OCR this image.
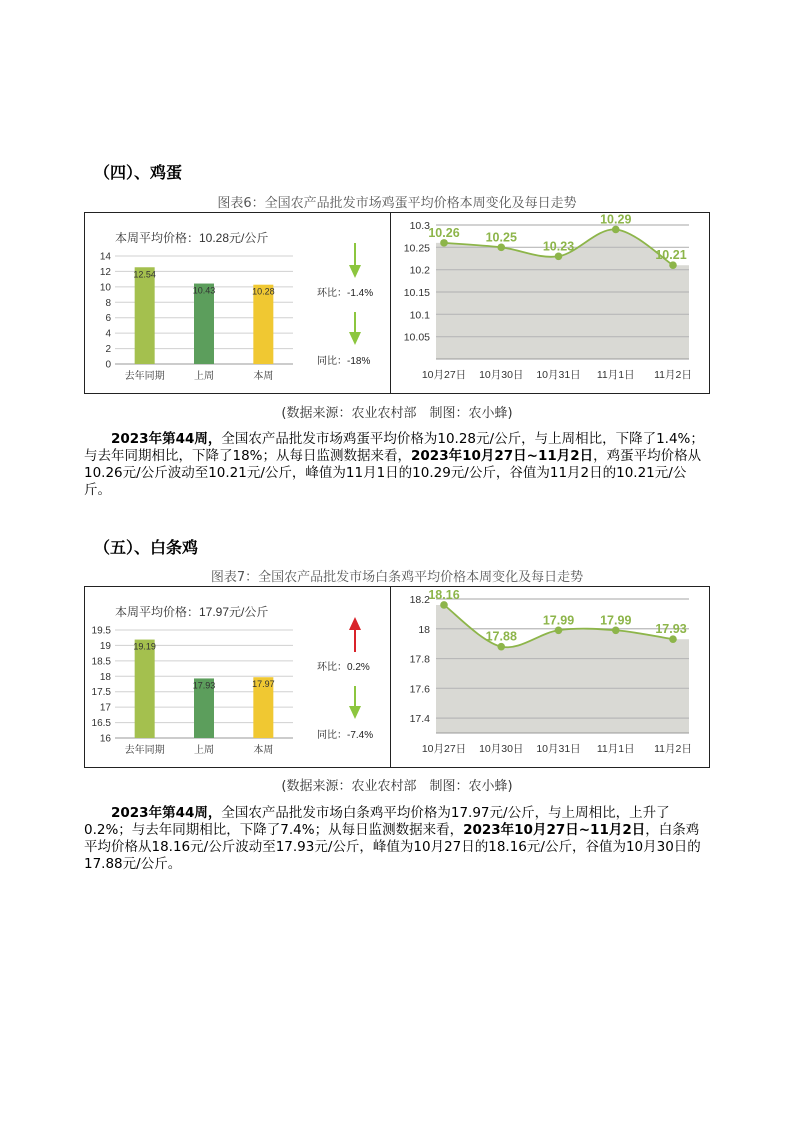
（四）、鸡蛋
图表6：全国农产品批发市场鸡蛋平均价格本周变化及每日走势
本周平均价格：10.28元/公斤
0
2
4
6
8
10
12
14
12.54
去年同期
10.43
上周
10.28
本周
环比：-1.4%
同比：-18%
10.05
10.1
10.15
10.2
10.25
10.3
10.26
10月27日
10.25
10月30日
10.23
10月31日
10.29
11月1日
10.21
11月2日
(数据来源：农业农村部　制图：农小蜂)
2023年第44周，全国农产品批发市场鸡蛋平均价格为10.28元/公斤，与上周相比，下降了1.4%；与去年同期相比，下降了18%；从每日监测数据来看，2023年10月27日~11月2日，鸡蛋平均价格从10.26元/公斤波动至10.21元/公斤，峰值为11月1日的10.29元/公斤，谷值为11月2日的10.21元/公斤。
（五）、白条鸡
图表7：全国农产品批发市场白条鸡平均价格本周变化及每日走势
本周平均价格：17.97元/公斤
16
16.5
17
17.5
18
18.5
19
19.5
19.19
去年同期
17.93
上周
17.97
本周
环比：0.2%
同比：-7.4%
17.4
17.6
17.8
18
18.2
18.16
10月27日
17.88
10月30日
17.99
10月31日
17.99
11月1日
17.93
11月2日
(数据来源：农业农村部　制图：农小蜂)
2023年第44周，全国农产品批发市场白条鸡平均价格为17.97元/公斤，与上周相比，上升了0.2%；与去年同期相比，下降了7.4%；从每日监测数据来看，2023年10月27日~11月2日，白条鸡平均价格从18.16元/公斤波动至17.93元/公斤，峰值为10月27日的18.16元/公斤，谷值为10月30日的17.88元/公斤。
